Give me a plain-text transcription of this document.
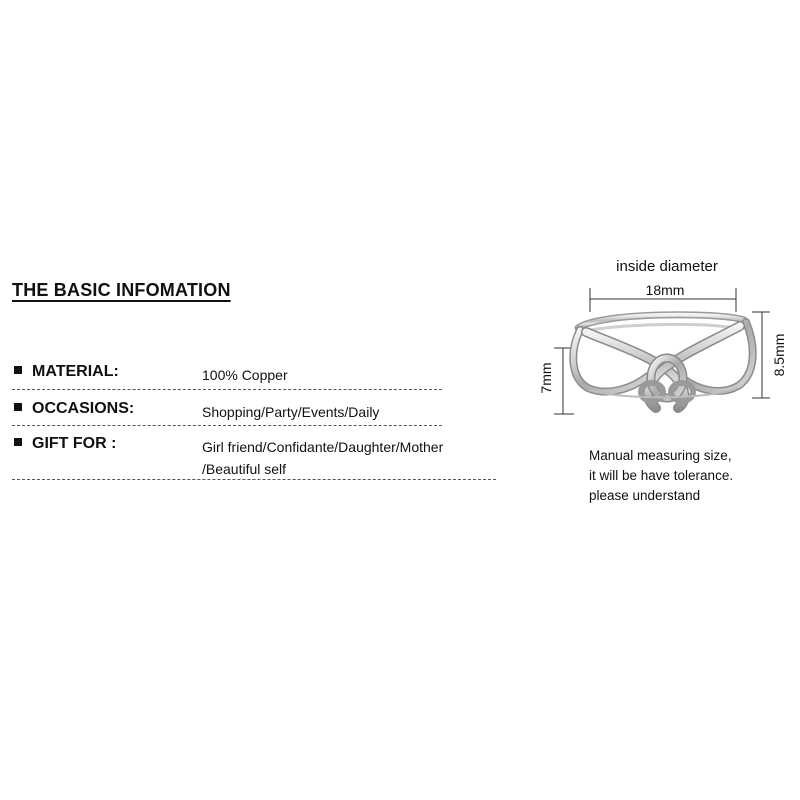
THE BASIC INFOMATION
MATERIAL:	100% Copper
OCCASIONS:	Shopping/Party/Events/Daily
GIFT FOR :	Girl friend/Confidante/Daughter/Mother
/Beautiful self
inside diameter
18mm
8.5mm
7mm
Manual measuring size,
it will be have tolerance.
please understand
